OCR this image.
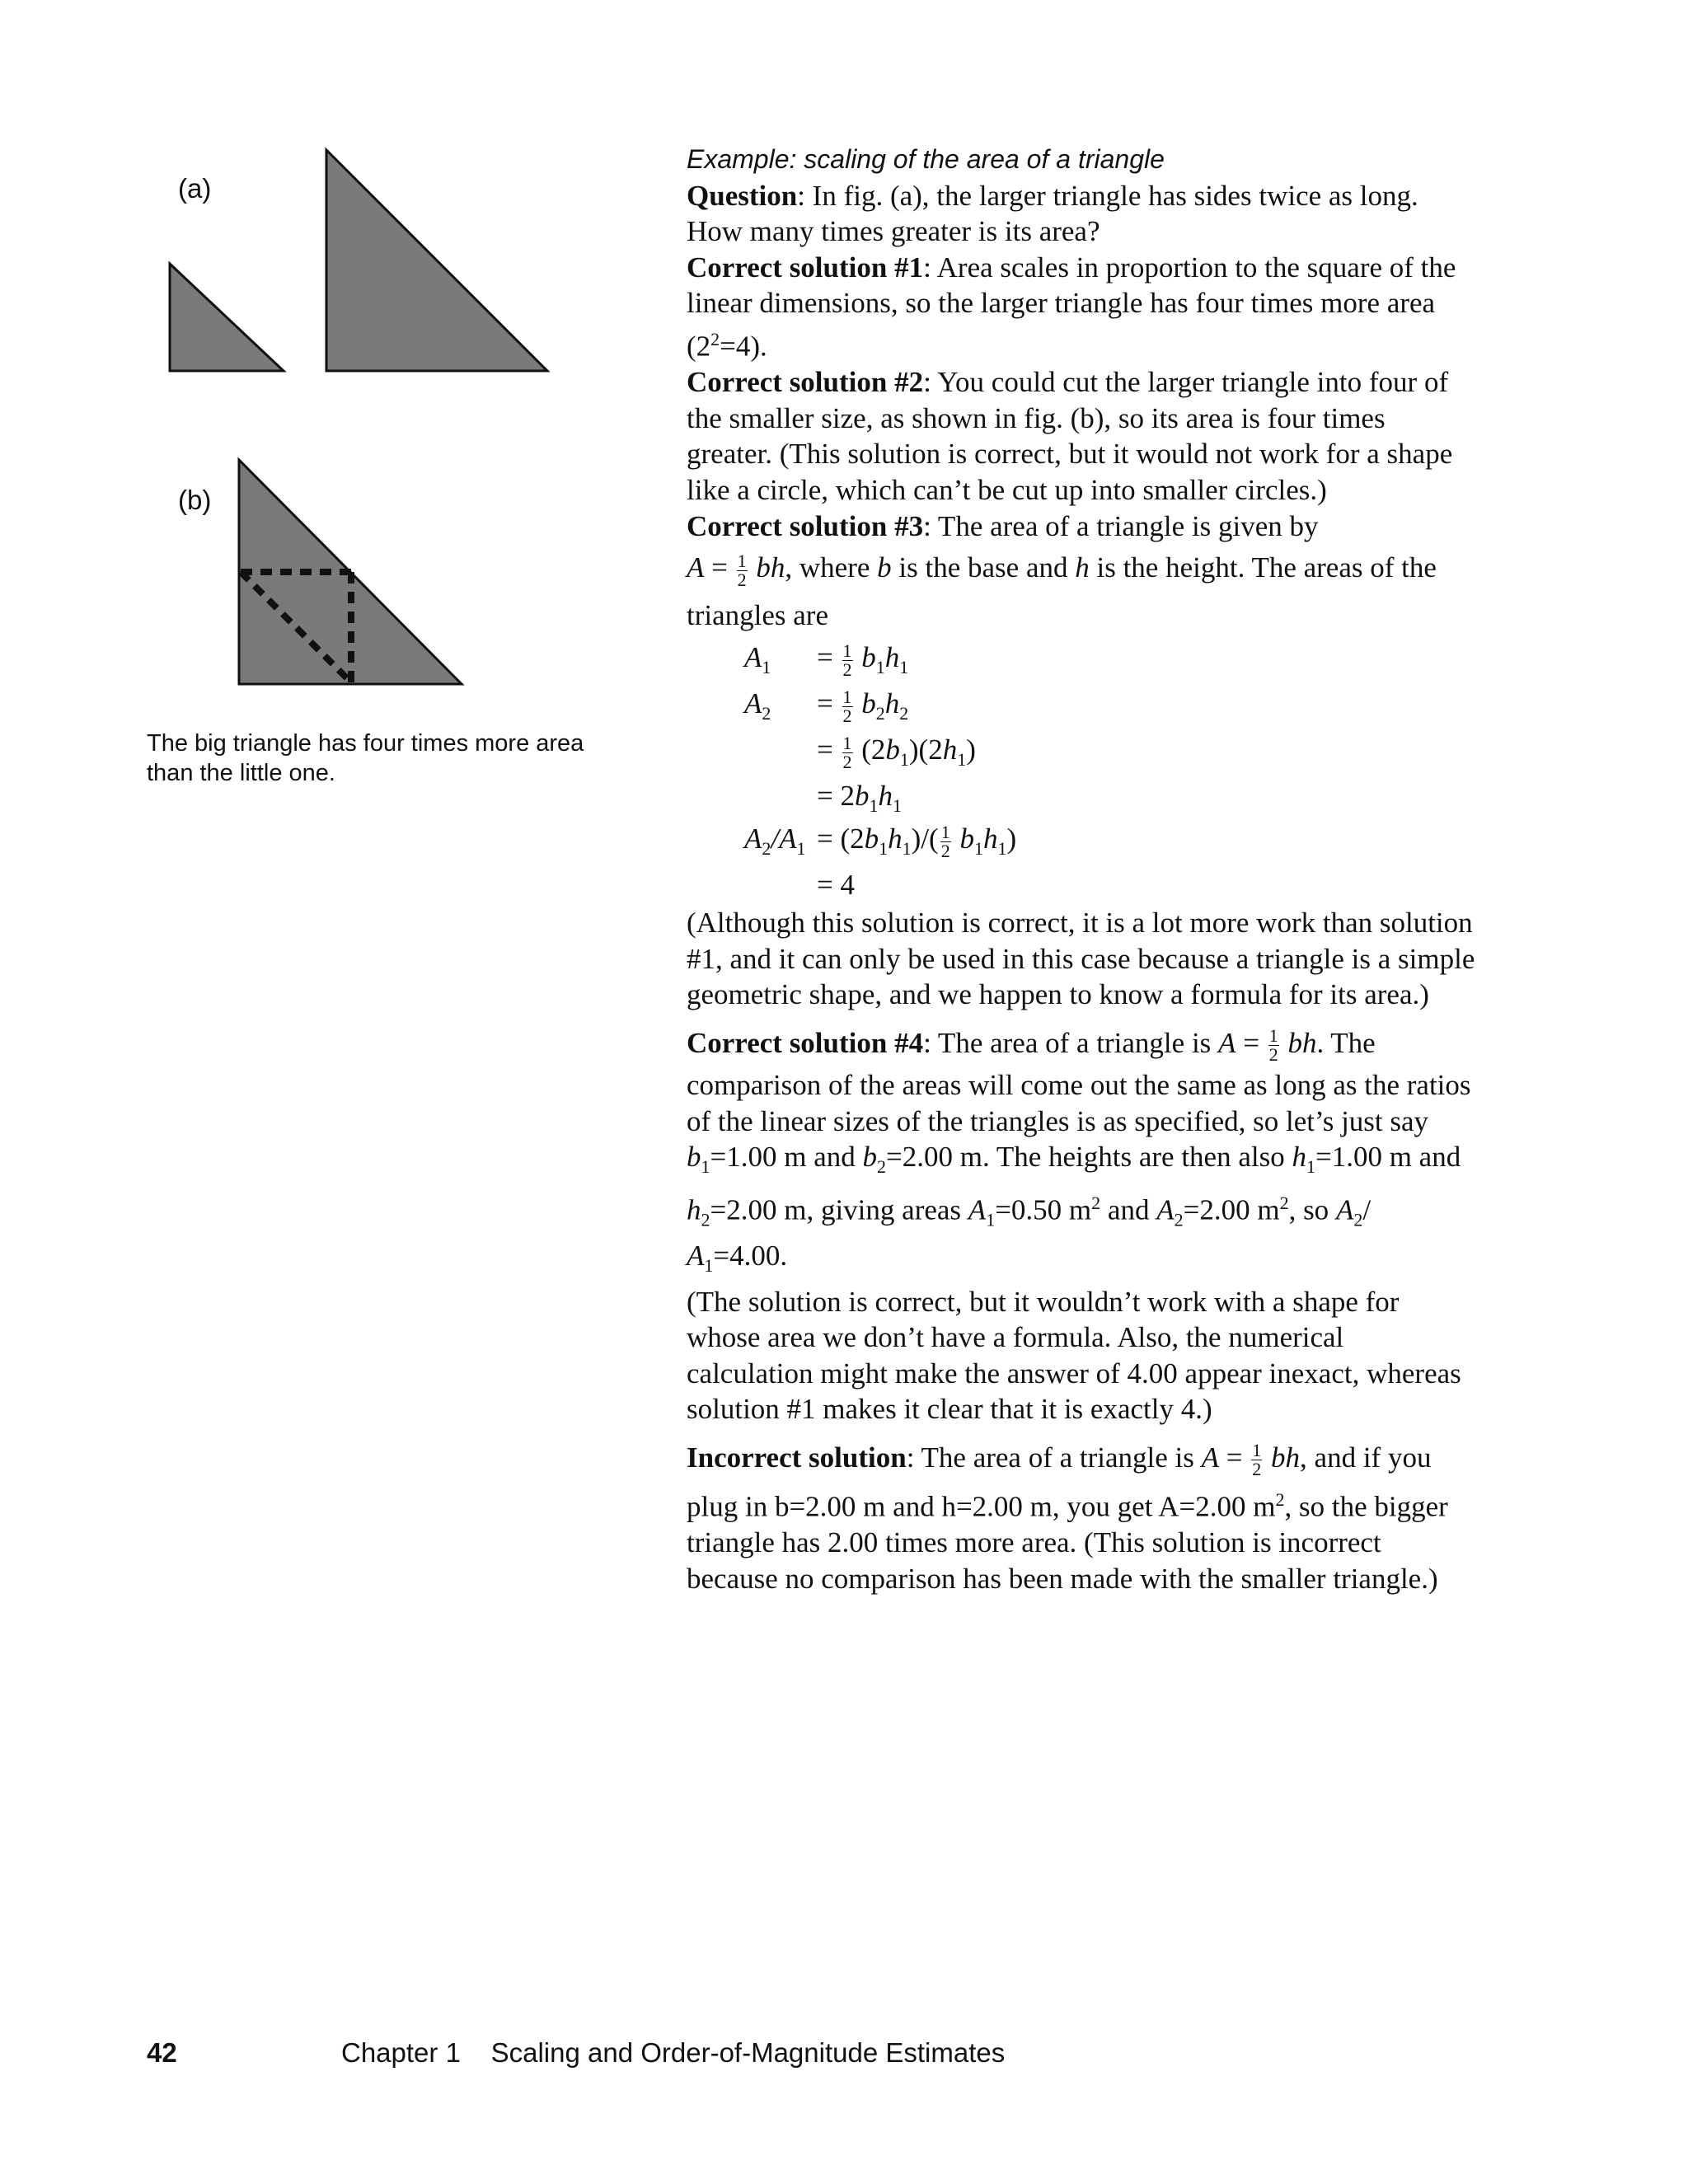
(a)
(b)
The big triangle has four times more area than the little one.

Example: scaling of the area of a triangle

Question: In fig. (a), the larger triangle has sides twice as long. How many times greater is its area?

Correct solution #1: Area scales in proportion to the square of the linear dimensions, so the larger triangle has four times more area $(2^2=4)$.

Correct solution #2: You could cut the larger triangle into four of the smaller size, as shown in fig. (b), so its area is four times greater. (This solution is correct, but it would not work for a shape like a circle, which can’t be cut up into smaller circles.)

Correct solution #3: The area of a triangle is given by

$A = \frac{1}{2}$ bh, where b is the base and h is the height. The areas of the

triangles are

$A_1 = \frac{1}{2} b_1h_1$
$A_2 = \frac{1}{2} b_2h_2$
= $\frac{1}{2} (2b_1)(2h_1)$
= $2b_1h_1$
$A_2/A_1 = (2b_1h_1)/( \frac{1}{2} b_1h_1)$
= 4

(Although this solution is correct, it is a lot more work than solution #1, and it can only be used in this case because a triangle is a simple geometric shape, and we happen to know a formula for its area.)

Correct solution #4: The area of a triangle is $A = \frac{1}{2}$ bh. The

comparison of the areas will come out the same as long as the ratios of the linear sizes of the triangles is as specified, so let’s just say $b_1=1.00$ m and $b_2=2.00$ m. The heights are then also $h_1=1.00$ m and $h_2=2.00$ m, giving areas $A_1=0.50$ $m^2$ and $A_2=2.00$ $m^2$, so $A_2/$ $A_1=4.00$.

(The solution is correct, but it wouldn’t work with a shape for whose area we don’t have a formula. Also, the numerical calculation might make the answer of 4.00 appear inexact, whereas solution #1 makes it clear that it is exactly 4.)

Incorrect solution: The area of a triangle is $A = \frac{1}{2}$ bh, and if you

plug in b=2.00 m and h=2.00 m, you get A=2.00 $m^2$, so the bigger triangle has 2.00 times more area. (This solution is incorrect because no comparison has been made with the smaller triangle.)

42	Chapter 1    Scaling and Order-of-Magnitude Estimates
